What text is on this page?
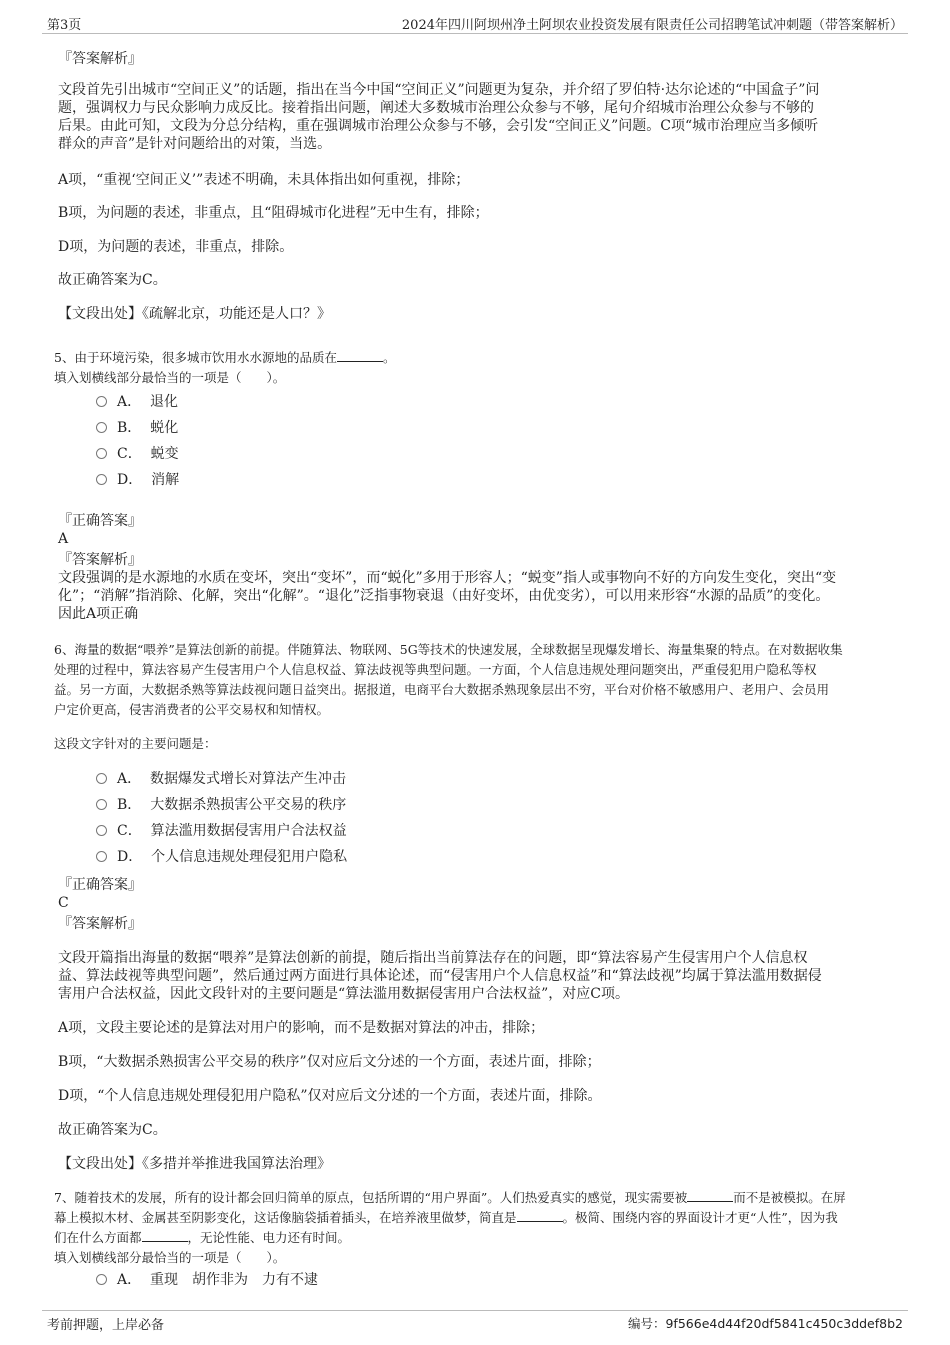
第3页	2024年四川阿坝州净土阿坝农业投资发展有限责任公司招聘笔试冲刺题（带答案解析）
『答案解析』
文段首先引出城市“空间正义”的话题，指出在当今中国“空间正义”问题更为复杂，并介绍了罗伯特·达尔论述的“中国盒子”问
题，强调权力与民众影响力成反比。接着指出问题，阐述大多数城市治理公众参与不够，尾句介绍城市治理公众参与不够的
后果。由此可知，文段为分总分结构，重在强调城市治理公众参与不够，会引发“空间正义”问题。C项“城市治理应当多倾听
群众的声音”是针对问题给出的对策，当选。
A项，“重视‘空间正义’”表述不明确，未具体指出如何重视，排除；
B项，为问题的表述，非重点，且“阻碍城市化进程”无中生有，排除；
D项，为问题的表述，非重点，排除。
故正确答案为C。
【文段出处】《疏解北京，功能还是人口？》
5、由于环境污染，很多城市饮用水水源地的品质在	。
填入划横线部分最恰当的一项是（　　）。
A． 退化
B． 蜕化
C． 蜕变
D． 消解
『正确答案』
A
『答案解析』
文段强调的是水源地的水质在变坏，突出“变坏”，而“蜕化”多用于形容人；“蜕变”指人或事物向不好的方向发生变化，突出“变
化”；“消解”指消除、化解，突出“化解”。“退化”泛指事物衰退（由好变坏，由优变劣），可以用来形容“水源的品质”的变化。
因此A项正确
6、海量的数据“喂养”是算法创新的前提。伴随算法、物联网、5G等技术的快速发展，全球数据呈现爆发增长、海量集聚的特点。在对数据收集
处理的过程中，算法容易产生侵害用户个人信息权益、算法歧视等典型问题。一方面，个人信息违规处理问题突出，严重侵犯用户隐私等权
益。另一方面，大数据杀熟等算法歧视问题日益突出。据报道，电商平台大数据杀熟现象层出不穷，平台对价格不敏感用户、老用户、会员用
户定价更高，侵害消费者的公平交易权和知情权。
这段文字针对的主要问题是：
A． 数据爆发式增长对算法产生冲击
B． 大数据杀熟损害公平交易的秩序
C． 算法滥用数据侵害用户合法权益
D． 个人信息违规处理侵犯用户隐私
『正确答案』
C
『答案解析』
文段开篇指出海量的数据“喂养”是算法创新的前提，随后指出当前算法存在的问题，即“算法容易产生侵害用户个人信息权
益、算法歧视等典型问题”，然后通过两方面进行具体论述，而“侵害用户个人信息权益”和“算法歧视”均属于算法滥用数据侵
害用户合法权益，因此文段针对的主要问题是“算法滥用数据侵害用户合法权益”，对应C项。
A项，文段主要论述的是算法对用户的影响，而不是数据对算法的冲击，排除；
B项，“大数据杀熟损害公平交易的秩序”仅对应后文分述的一个方面，表述片面，排除；
D项，“个人信息违规处理侵犯用户隐私”仅对应后文分述的一个方面，表述片面，排除。
故正确答案为C。
【文段出处】《多措并举推进我国算法治理》
7、随着技术的发展，所有的设计都会回归简单的原点，包括所谓的“用户界面”。人们热爱真实的感觉，现实需要被	而不是被模拟。在屏
幕上模拟木材、金属甚至阴影变化，这话像脑袋插着插头，在培养液里做梦，简直是	。极简、围绕内容的界面设计才更“人性”，因为我
们在什么方面都	，无论性能、电力还有时间。
填入划横线部分最恰当的一项是（　　）。
A． 重现　胡作非为　力有不逮
考前押题，上岸必备	编号：9f566e4d44f20df5841c450c3ddef8b2
